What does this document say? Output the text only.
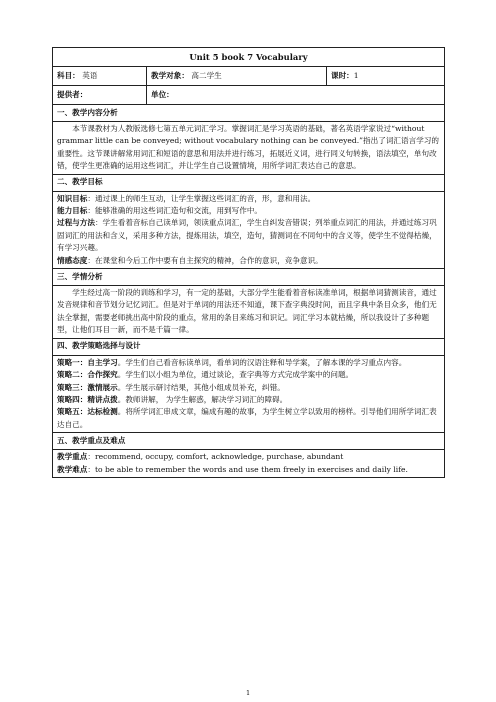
Unit 5 book 7 Vocabulary		
科目： 英语	教学对象： 高二学生	课时：1
提供者：	单位：	
一、教学内容分析		

本节课教材为人教版选修七第五单元词汇学习。掌握词汇是学习英语的基础，著名英语学家说过“without grammar little can be conveyed; without vocabulary nothing can be conveyed.”指出了词汇语言学习的重要性。这节课讲解常用词汇和短语的意思和用法并进行练习，拓展近义词，进行同义句转换，语法填空，单句改错，使学生更准确的运用这些词汇，并让学生自己设置情境，用所学词汇表达自己的意思。		

二、教学目标		

知识目标：通过课上的师生互动，让学生掌握这些词汇的音，形，意和用法。

能力目标：能够准确的用这些词汇造句和交流，用到写作中。

过程与方法：学生看着音标自己读单词，领读重点词汇，学生自纠发音错误；列举重点词汇的用法，并通过练习巩固词汇的用法和含义，采用多种方法，提炼用法，填空，造句，猜测词在不同句中的含义等，使学生不觉得枯燥，有学习兴趣。

情感态度：在课堂和今后工作中要有自主探究的精神，合作的意识，竞争意识。		

三、学情分析		

学生经过高一阶段的训练和学习，有一定的基础，大部分学生能看着音标读准单词，根据单词猜测读音，通过发音规律和音节划分记忆词汇。但是对于单词的用法还不知道，课下查字典没时间，而且字典中条目众多，他们无法全掌握，需要老师挑出高中阶段的重点，常用的条目来练习和识记。词汇学习本就枯燥，所以我设计了多种题型，让他们耳目一新，而不是千篇一律。		

四、教学策略选择与设计		

策略一：自主学习。学生们自己看音标读单词，看单词的汉语注释和导学案，了解本课的学习重点内容。

策略二：合作探究。学生们以小组为单位，通过谈论，查字典等方式完成学案中的问题。

策略三：激情展示。学生展示研讨结果，其他小组成员补充，纠错。

策略四：精讲点拨。教师讲解， 为学生解惑，解决学习词汇的障碍。

策略五：达标检测。将所学词汇串成文章，编成有趣的故事，为学生树立学以致用的榜样。引导他们用所学词汇表达自己。		

五、教学重点及难点		

教学重点：recommend, occupy, comfort, acknowledge, purchase, abundant

教学难点：to be able to remember the words and use them freely in exercises and daily life.		

1
